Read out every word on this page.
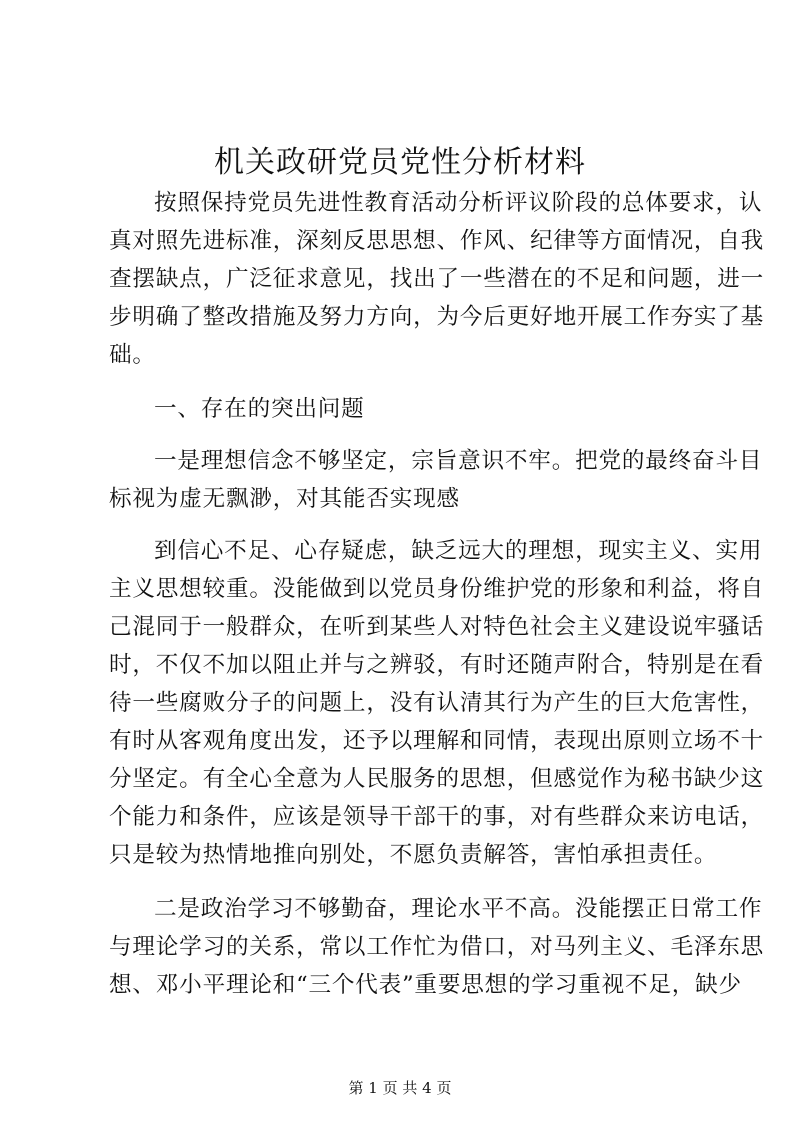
机关政研党员党性分析材料
按照保持党员先进性教育活动分析评议阶段的总体要求，认
真对照先进标准，深刻反思思想、作风、纪律等方面情况，自我
查摆缺点，广泛征求意见，找出了一些潜在的不足和问题，进一
步明确了整改措施及努力方向，为今后更好地开展工作夯实了基
础。
一、存在的突出问题
一是理想信念不够坚定，宗旨意识不牢。把党的最终奋斗目
标视为虚无飘渺，对其能否实现感
到信心不足、心存疑虑，缺乏远大的理想，现实主义、实用
主义思想较重。没能做到以党员身份维护党的形象和利益，将自
己混同于一般群众，在听到某些人对特色社会主义建设说牢骚话
时，不仅不加以阻止并与之辨驳，有时还随声附合，特别是在看
待一些腐败分子的问题上，没有认清其行为产生的巨大危害性，
有时从客观角度出发，还予以理解和同情，表现出原则立场不十
分坚定。有全心全意为人民服务的思想，但感觉作为秘书缺少这
个能力和条件，应该是领导干部干的事，对有些群众来访电话，
只是较为热情地推向别处，不愿负责解答，害怕承担责任。
二是政治学习不够勤奋，理论水平不高。没能摆正日常工作
与理论学习的关系，常以工作忙为借口，对马列主义、毛泽东思
想、邓小平理论和“三个代表”重要思想的学习重视不足，缺少
第 1 页 共 4 页
